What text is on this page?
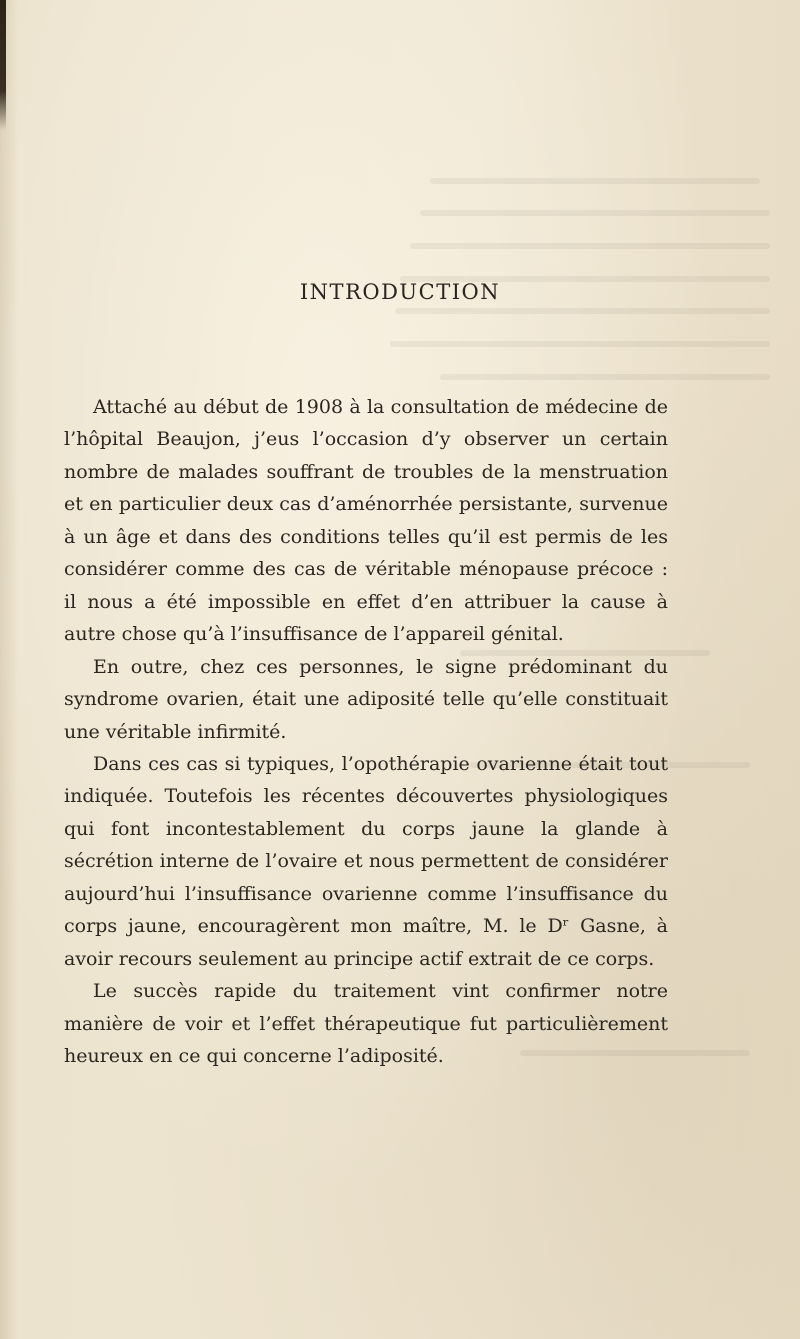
INTRODUCTION

Attaché au début de 1908 à la consultation de médecine de l’hôpital Beaujon, j’eus l’occasion d’y observer un certain nombre de malades souffrant de troubles de la menstruation et en particulier deux cas d’aménorrhée persistante, survenue à un âge et dans des conditions telles qu’il est permis de les considérer comme des cas de véritable ménopause précoce : il nous a été impossible en effet d’en attribuer la cause à autre chose qu’à l’insuffisance de l’appareil génital.

En outre, chez ces personnes, le signe prédominant du syndrome ovarien, était une adiposité telle qu’elle constituait une véritable infirmité.

Dans ces cas si typiques, l’opothérapie ovarienne était tout indiquée. Toutefois les récentes découvertes physiologiques qui font incontestablement du corps jaune la glande à sécrétion interne de l’ovaire et nous permettent de considérer aujourd’hui l’insuffisance ovarienne comme l’insuffisance du corps jaune, encouragèrent mon maître, M. le Dʳ Gasne, à avoir recours seulement au principe actif extrait de ce corps.

Le succès rapide du traitement vint confirmer notre manière de voir et l’effet thérapeutique fut particulièrement heureux en ce qui concerne l’adiposité.
